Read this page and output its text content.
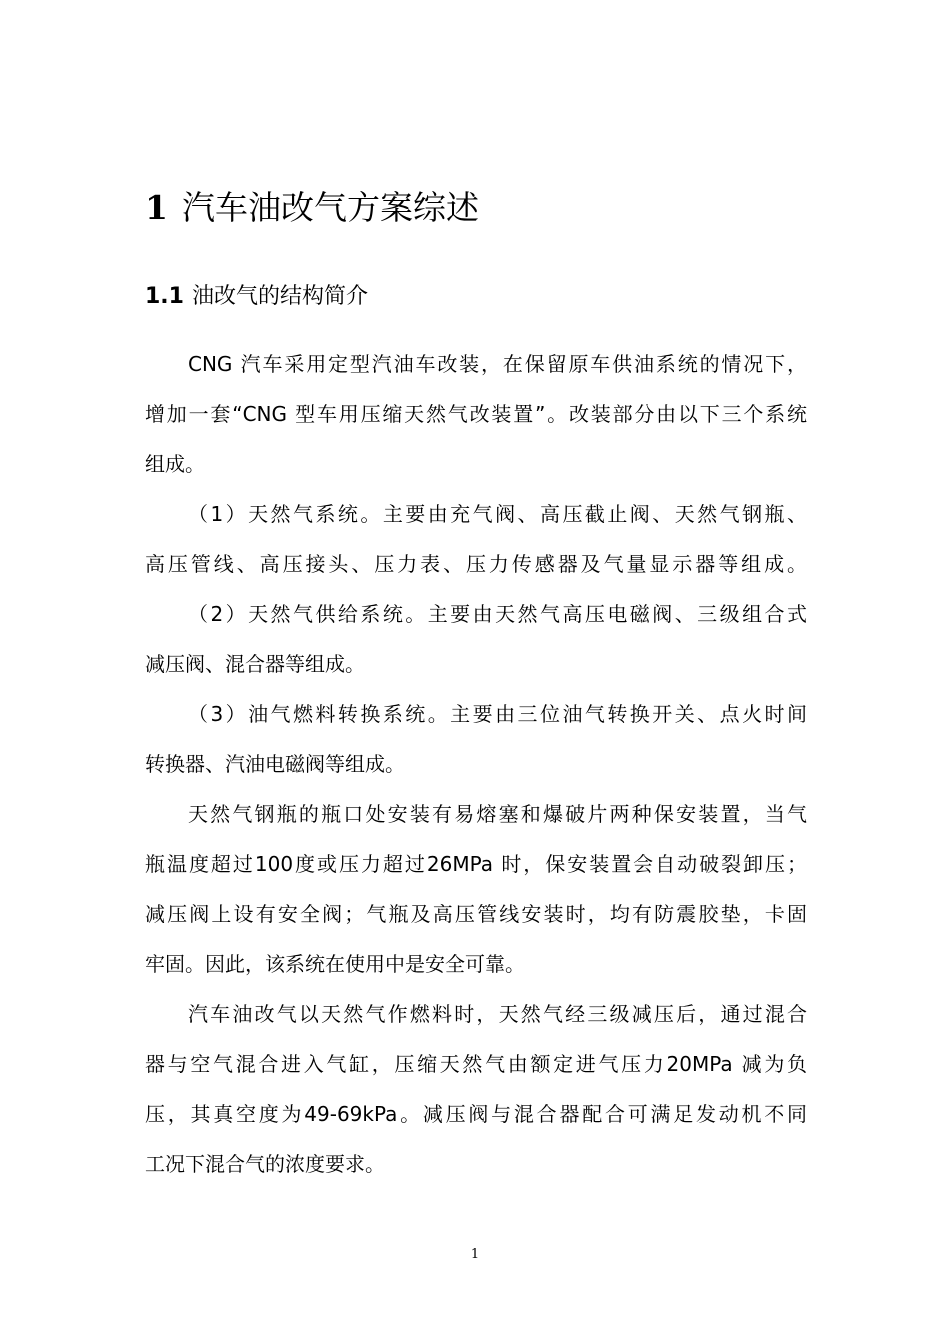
1 汽车油改气方案综述
1.1 油改气的结构简介
CNG 汽车采用定型汽油车改装，在保留原车供油系统的情况下，
增加一套“CNG 型车用压缩天然气改装置”。改装部分由以下三个系统
组成。
（1）天然气系统。主要由充气阀、高压截止阀、天然气钢瓶、
高压管线、高压接头、压力表、压力传感器及气量显示器等组成。
（2）天然气供给系统。主要由天然气高压电磁阀、三级组合式
减压阀、混合器等组成。
（3）油气燃料转换系统。主要由三位油气转换开关、点火时间
转换器、汽油电磁阀等组成。
天然气钢瓶的瓶口处安装有易熔塞和爆破片两种保安装置，当气
瓶温度超过100度或压力超过26MPa 时，保安装置会自动破裂卸压；
减压阀上设有安全阀；气瓶及高压管线安装时，均有防震胶垫，卡固
牢固。因此，该系统在使用中是安全可靠。
汽车油改气以天然气作燃料时，天然气经三级减压后，通过混合
器与空气混合进入气缸，压缩天然气由额定进气压力20MPa 减为负
压，其真空度为49-69kPa。减压阀与混合器配合可满足发动机不同
工况下混合气的浓度要求。
1
